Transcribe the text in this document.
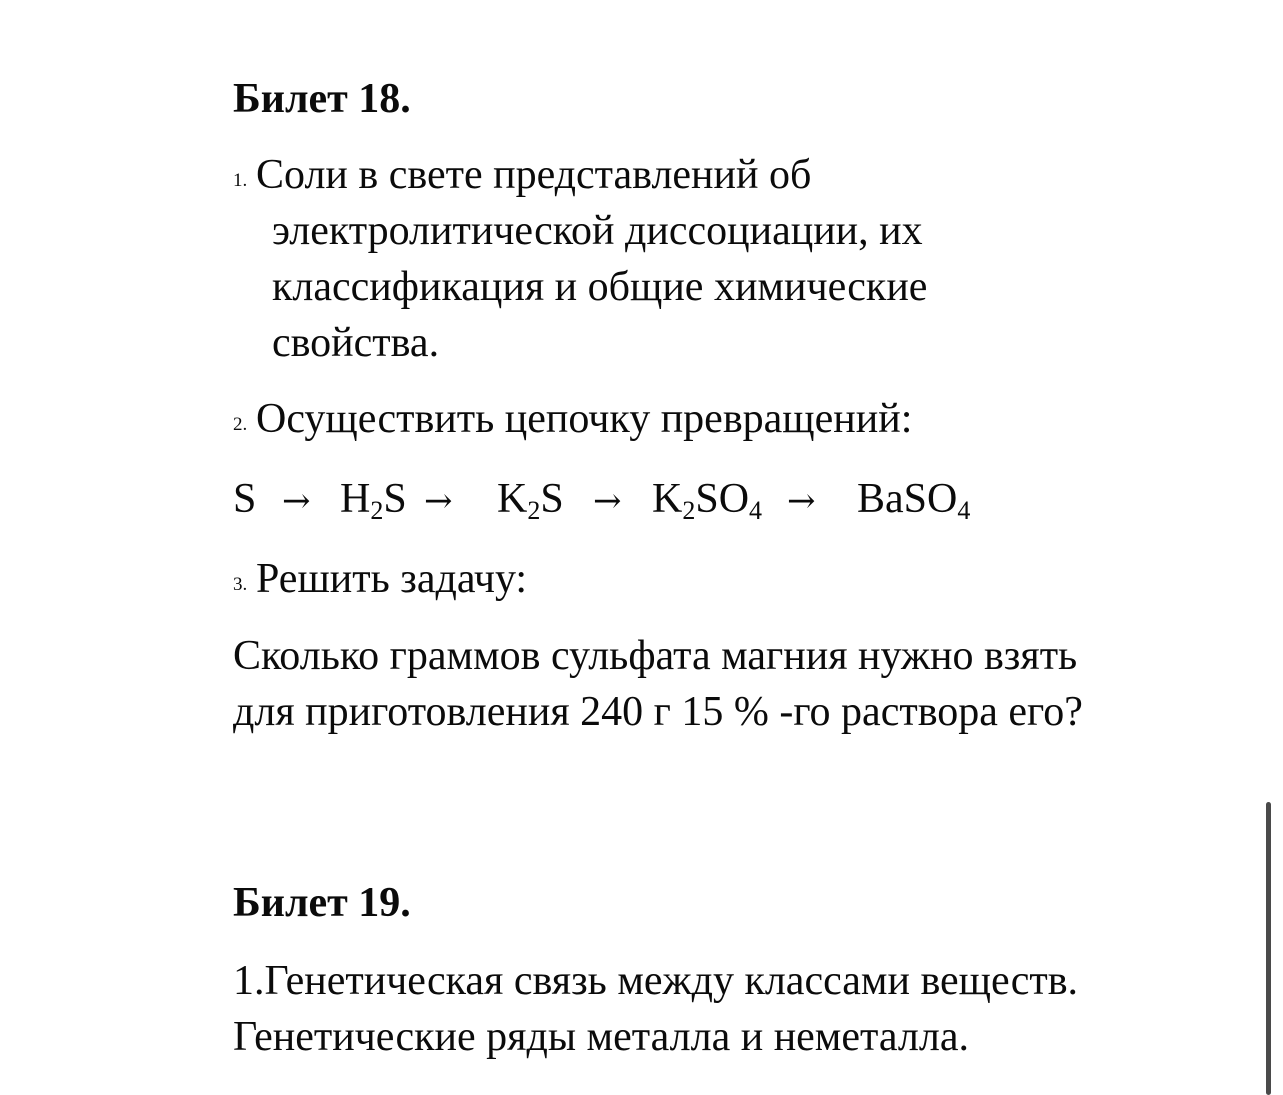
Билет 18.
1. Соли в свете представлений об
электролитической диссоциации, их
классификация и общие химические
свойства.
2. Осуществить цепочку превращений:
$S \to H_2S \to K_2S \to K_2SO_4$ → BaSO$_4$
3. Решить задачу:
Сколько граммов сульфата магния нужно взять
для приготовления 240 г 15 % -го раствора его?
Билет 19.
1.Генетическая связь между классами веществ.
Генетические ряды металла и неметалла.
